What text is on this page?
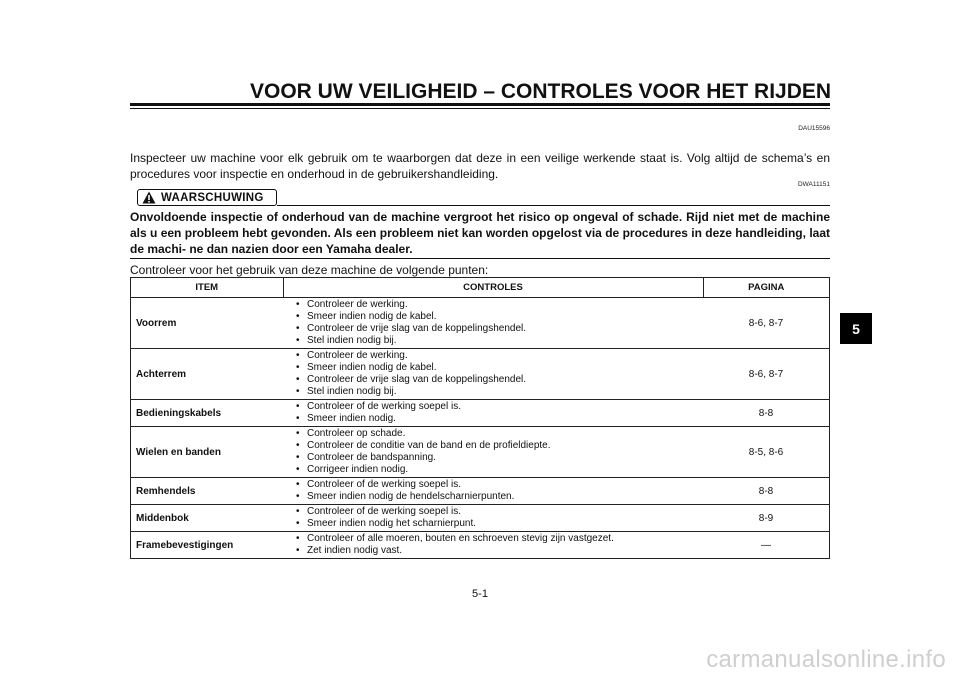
VOOR UW VEILIGHEID – CONTROLES VOOR HET RIJDEN
DAU15596
Inspecteer uw machine voor elk gebruik om te waarborgen dat deze in een veilige werkende staat is. Volg altijd de schema’s en procedures voor inspectie en onderhoud in de gebruikershandleiding.
DWA11151
WAARSCHUWING
Onvoldoende inspectie of onderhoud van de machine vergroot het risico op ongeval of schade. Rijd niet met de machine als u een probleem hebt gevonden. Als een probleem niet kan worden opgelost via de procedures in deze handleiding, laat de machi- ne dan nazien door een Yamaha dealer.
Controleer voor het gebruik van deze machine de volgende punten:
ITEM	CONTROLES	PAGINA
Voorrem	• Controleer de werking.
• Smeer indien nodig de kabel.
• Controleer de vrije slag van de koppelingshendel.
• Stel indien nodig bij.	8-6, 8-7
Achterrem	• Controleer de werking.
• Smeer indien nodig de kabel.
• Controleer de vrije slag van de koppelingshendel.
• Stel indien nodig bij.	8-6, 8-7
Bedieningskabels	• Controleer of de werking soepel is.
• Smeer indien nodig.	8-8
Wielen en banden	• Controleer op schade.
• Controleer de conditie van de band en de profieldiepte.
• Controleer de bandspanning.
• Corrigeer indien nodig.	8-5, 8-6
Remhendels	• Controleer of de werking soepel is.
• Smeer indien nodig de hendelscharnierpunten.	8-8
Middenbok	• Controleer of de werking soepel is.
• Smeer indien nodig het scharnierpunt.	8-9
Framebevestigingen	• Controleer of alle moeren, bouten en schroeven stevig zijn vastgezet.
• Zet indien nodig vast.	—
5
5-1
carmanualsonline.info
